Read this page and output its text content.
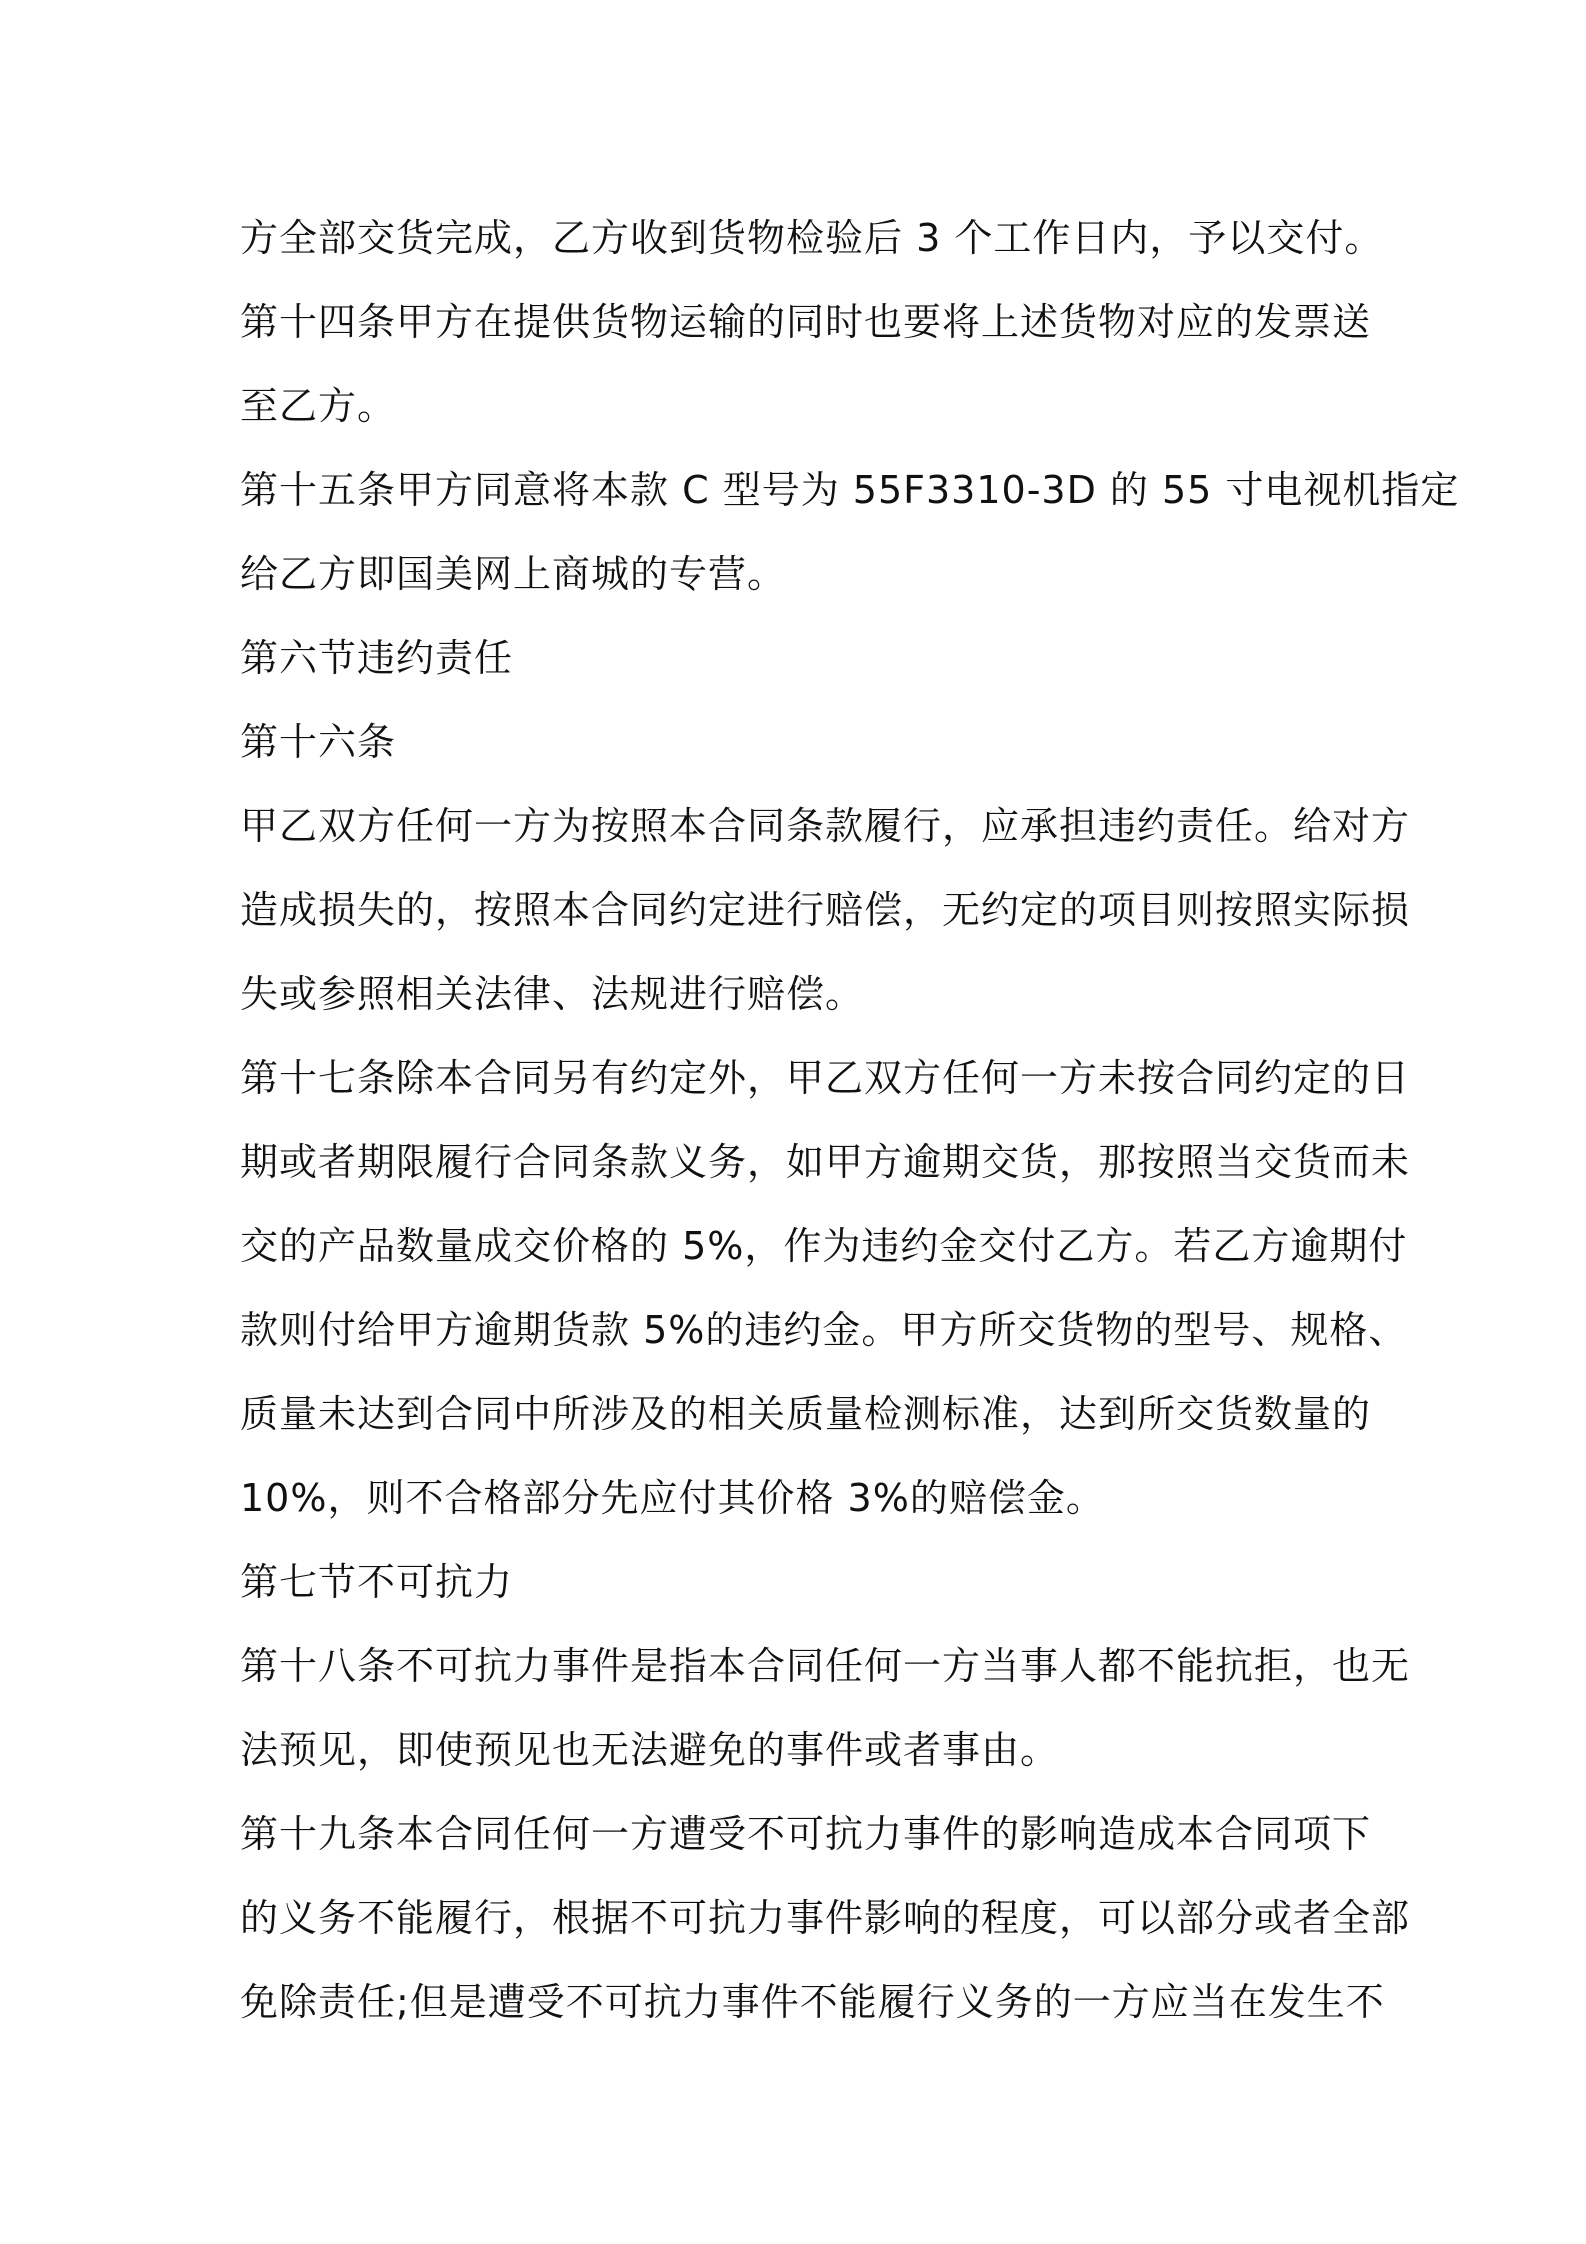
方全部交货完成，乙方收到货物检验后 3 个工作日内，予以交付。
第十四条甲方在提供货物运输的同时也要将上述货物对应的发票送
至乙方。
第十五条甲方同意将本款 C 型号为 55F3310-3D 的 55 寸电视机指定
给乙方即国美网上商城的专营。
第六节违约责任
第十六条
甲乙双方任何一方为按照本合同条款履行，应承担违约责任。给对方
造成损失的，按照本合同约定进行赔偿，无约定的项目则按照实际损
失或参照相关法律、法规进行赔偿。
第十七条除本合同另有约定外，甲乙双方任何一方未按合同约定的日
期或者期限履行合同条款义务，如甲方逾期交货，那按照当交货而未
交的产品数量成交价格的 5%，作为违约金交付乙方。若乙方逾期付
款则付给甲方逾期货款 5%的违约金。甲方所交货物的型号、规格、
质量未达到合同中所涉及的相关质量检测标准，达到所交货数量的
10%，则不合格部分先应付其价格 3%的赔偿金。
第七节不可抗力
第十八条不可抗力事件是指本合同任何一方当事人都不能抗拒，也无
法预见，即使预见也无法避免的事件或者事由。
第十九条本合同任何一方遭受不可抗力事件的影响造成本合同项下
的义务不能履行，根据不可抗力事件影响的程度，可以部分或者全部
免除责任;但是遭受不可抗力事件不能履行义务的一方应当在发生不
